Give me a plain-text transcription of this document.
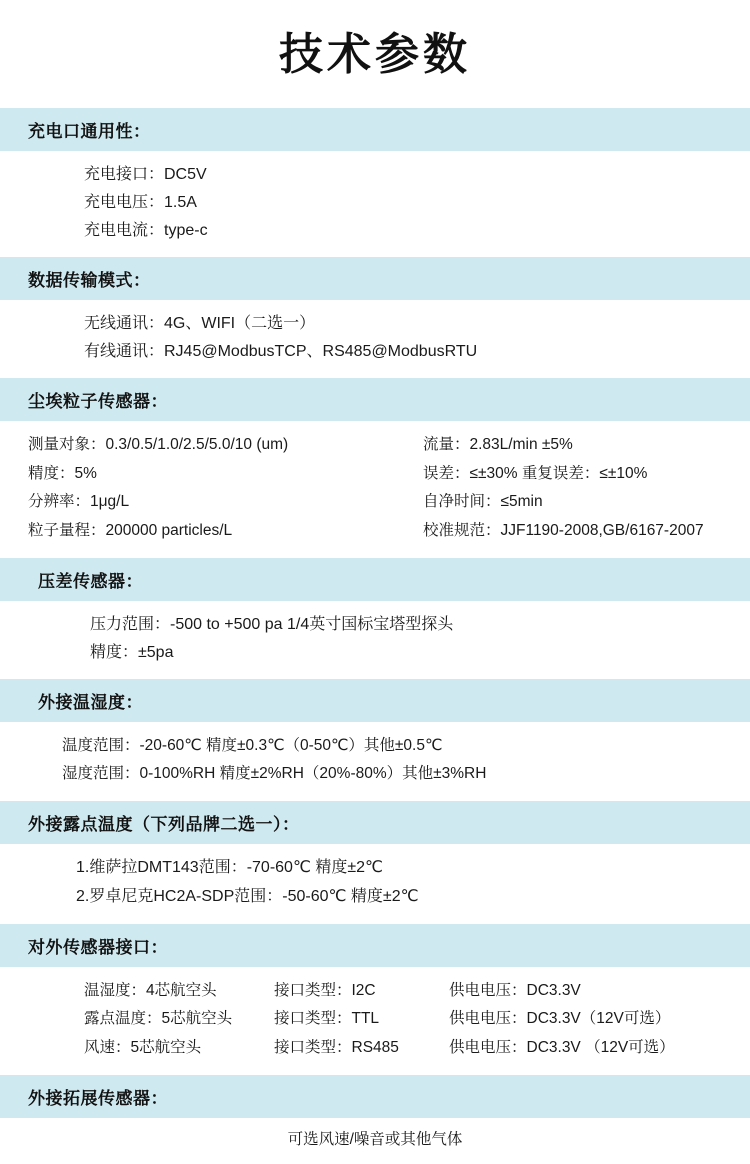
技术参数
充电口通用性：
充电接口：DC5V
充电电压：1.5A
充电电流：type-c
数据传输模式：
无线通讯：4G、WIFI（二选一）
有线通讯：RJ45@ModbusTCP、RS485@ModbusRTU
尘埃粒子传感器：
测量对象：0.3/0.5/1.0/2.5/5.0/10 (um)	流量：2.83L/min ±5%
精度：5%	误差：≤±30% 重复误差：≤±10%
分辨率：1μg/L	自净时间：≤5min
粒子量程：200000 particles/L	校准规范：JJF1190-2008,GB/6167-2007
压差传感器：
压力范围：-500 to +500 pa 1/4英寸国标宝塔型探头
精度：±5pa
外接温湿度：
温度范围：-20-60℃ 精度±0.3℃（0-50℃）其他±0.5℃
湿度范围：0-100%RH 精度±2%RH（20%-80%）其他±3%RH
外接露点温度（下列品牌二选一）：
1.维萨拉DMT143范围：-70-60℃ 精度±2℃
2.罗卓尼克HC2A-SDP范围：-50-60℃ 精度±2℃
对外传感器接口：
温湿度：4芯航空头	接口类型：I2C	供电电压：DC3.3V
露点温度：5芯航空头	接口类型：TTL	供电电压：DC3.3V（12V可选）
风速：5芯航空头	接口类型：RS485	供电电压：DC3.3V （12V可选）
外接拓展传感器：
可选风速/噪音或其他气体
